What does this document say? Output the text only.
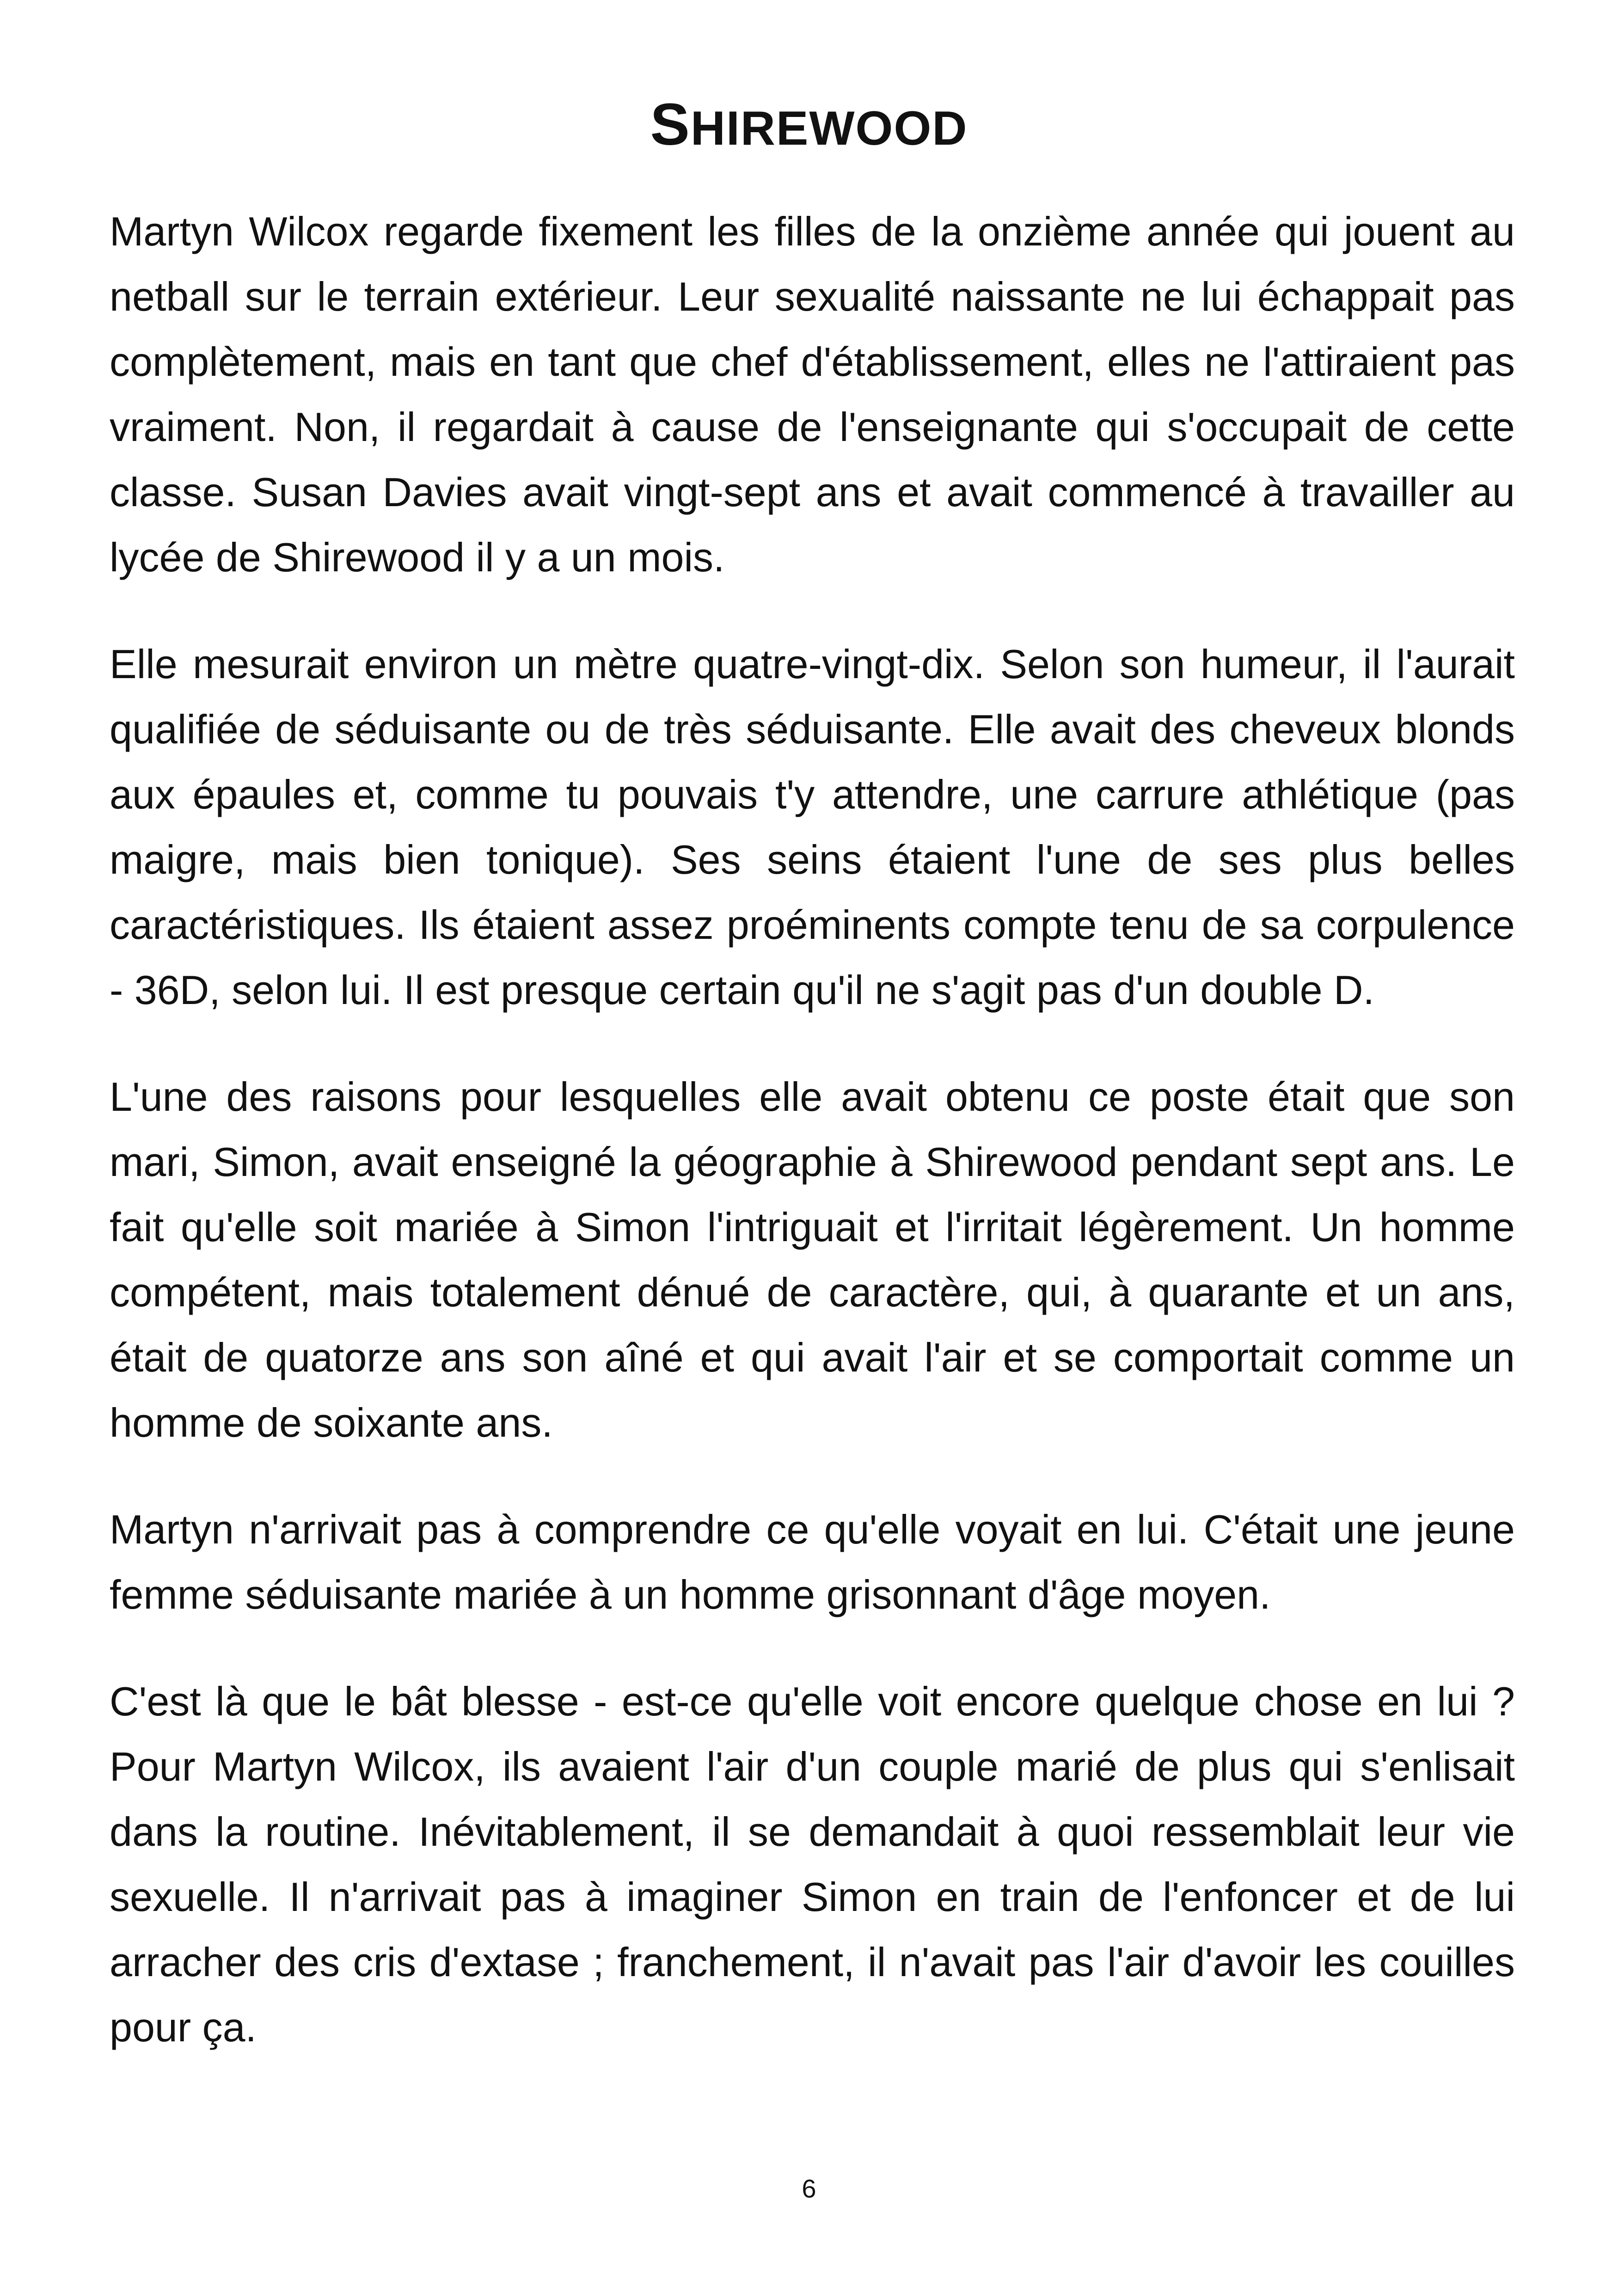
SHIREWOOD

Martyn Wilcox regarde fixement les filles de la onzième année qui jouent au netball sur le terrain extérieur. Leur sexualité naissante ne lui échappait pas complètement, mais en tant que chef d'établissement, elles ne l'attiraient pas vraiment. Non, il regardait à cause de l'enseignante qui s'occupait de cette classe. Susan Davies avait vingt-sept ans et avait commencé à travailler au lycée de Shirewood il y a un mois.

Elle mesurait environ un mètre quatre-vingt-dix. Selon son humeur, il l'aurait qualifiée de séduisante ou de très séduisante. Elle avait des cheveux blonds aux épaules et, comme tu pouvais t'y attendre, une carrure athlétique (pas maigre, mais bien tonique). Ses seins étaient l'une de ses plus belles caractéristiques. Ils étaient assez proéminents compte tenu de sa corpulence - 36D, selon lui. Il est presque certain qu'il ne s'agit pas d'un double D.

L'une des raisons pour lesquelles elle avait obtenu ce poste était que son mari, Simon, avait enseigné la géographie à Shirewood pendant sept ans. Le fait qu'elle soit mariée à Simon l'intriguait et l'irritait légèrement. Un homme compétent, mais totalement dénué de caractère, qui, à quarante et un ans, était de quatorze ans son aîné et qui avait l'air et se comportait comme un homme de soixante ans.

Martyn n'arrivait pas à comprendre ce qu'elle voyait en lui. C'était une jeune femme séduisante mariée à un homme grisonnant d'âge moyen.

C'est là que le bât blesse - est-ce qu'elle voit encore quelque chose en lui ? Pour Martyn Wilcox, ils avaient l'air d'un couple marié de plus qui s'enlisait dans la routine. Inévitablement, il se demandait à quoi ressemblait leur vie sexuelle. Il n'arrivait pas à imaginer Simon en train de l'enfoncer et de lui arracher des cris d'extase ; franchement, il n'avait pas l'air d'avoir les couilles pour ça.

6
